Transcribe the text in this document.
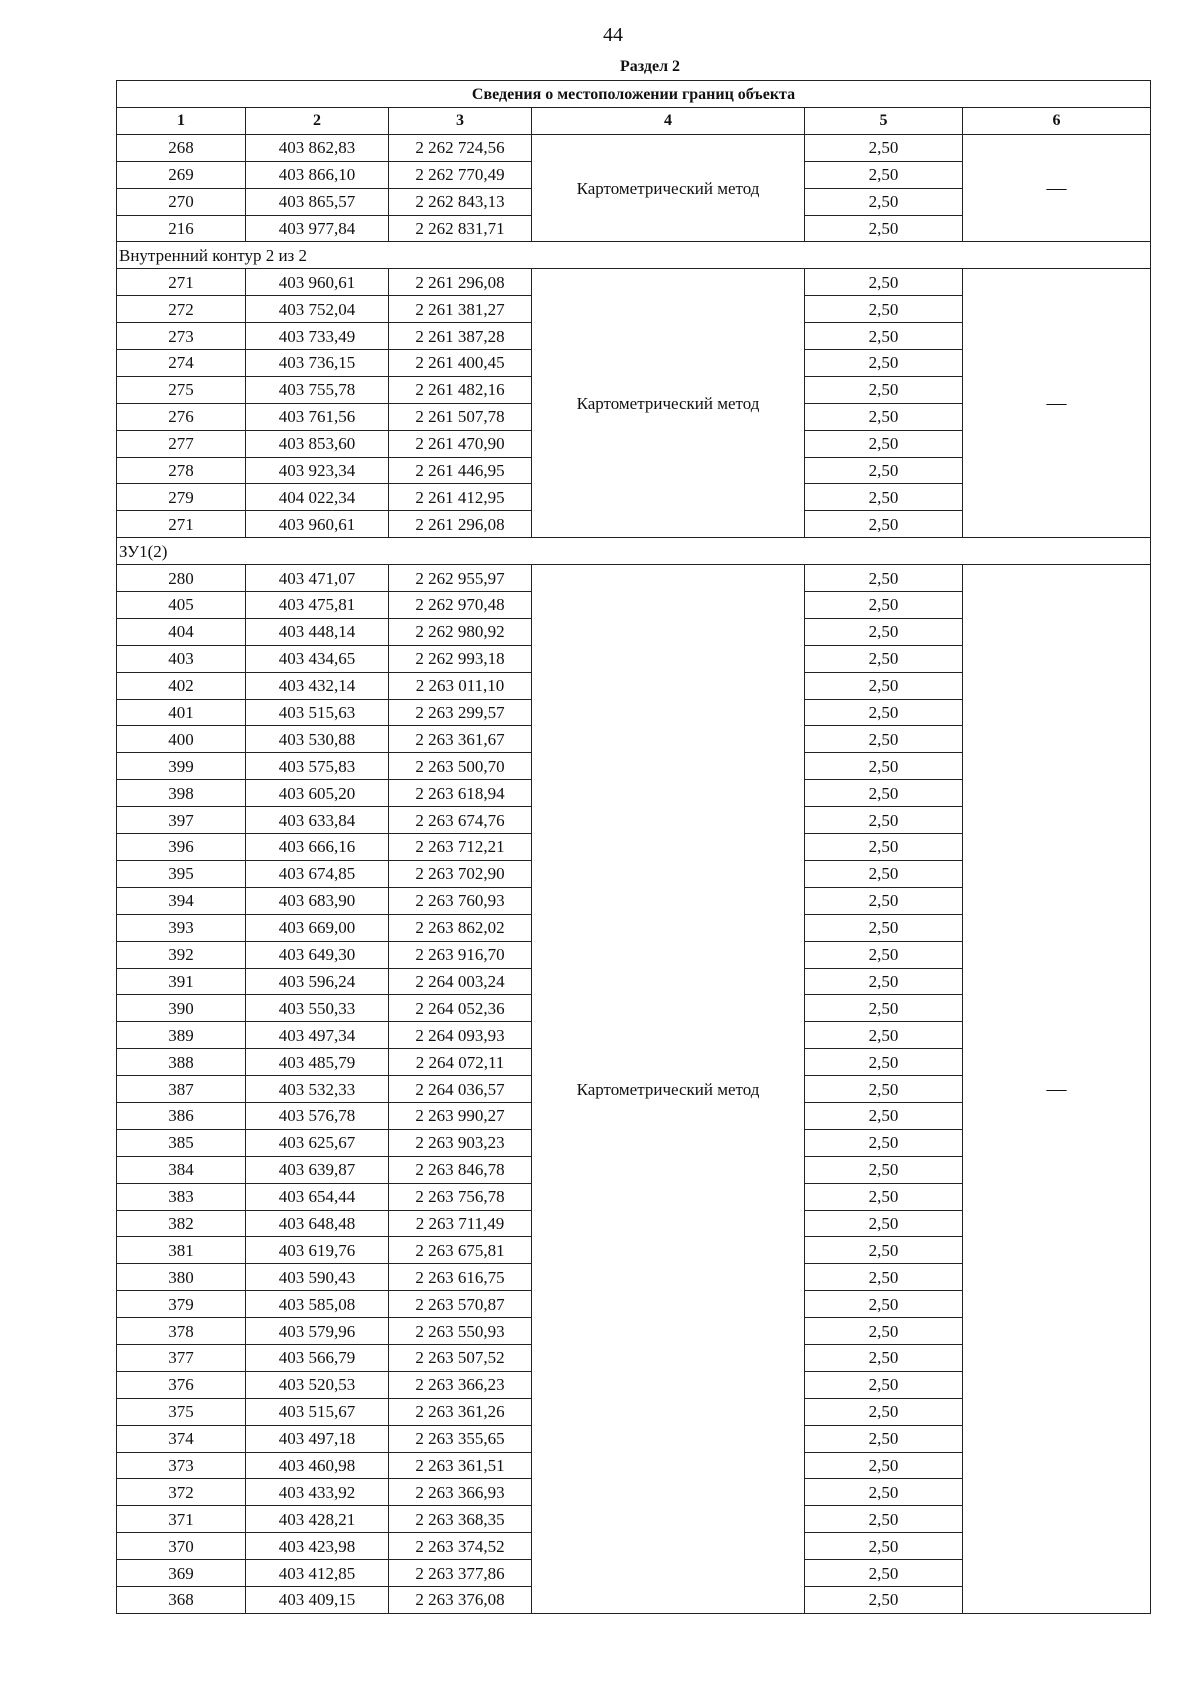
44
Раздел 2
Сведения о местоположении границ объекта					
1	2	3	4	5	6
268	403 862,83	2 262 724,56	Картометрический метод	2,50	—
269	403 866,10	2 262 770,49		2,50	
270	403 865,57	2 262 843,13		2,50	
216	403 977,84	2 262 831,71		2,50	
Внутренний контур 2 из 2					
271	403 960,61	2 261 296,08	Картометрический метод	2,50	—
272	403 752,04	2 261 381,27		2,50	
273	403 733,49	2 261 387,28		2,50	
274	403 736,15	2 261 400,45		2,50	
275	403 755,78	2 261 482,16		2,50	
276	403 761,56	2 261 507,78		2,50	
277	403 853,60	2 261 470,90		2,50	
278	403 923,34	2 261 446,95		2,50	
279	404 022,34	2 261 412,95		2,50	
271	403 960,61	2 261 296,08		2,50	
ЗУ1(2)					
280	403 471,07	2 262 955,97	Картометрический метод	2,50	—
405	403 475,81	2 262 970,48		2,50	
404	403 448,14	2 262 980,92		2,50	
403	403 434,65	2 262 993,18		2,50	
402	403 432,14	2 263 011,10		2,50	
401	403 515,63	2 263 299,57		2,50	
400	403 530,88	2 263 361,67		2,50	
399	403 575,83	2 263 500,70		2,50	
398	403 605,20	2 263 618,94		2,50	
397	403 633,84	2 263 674,76		2,50	
396	403 666,16	2 263 712,21		2,50	
395	403 674,85	2 263 702,90		2,50	
394	403 683,90	2 263 760,93		2,50	
393	403 669,00	2 263 862,02		2,50	
392	403 649,30	2 263 916,70		2,50	
391	403 596,24	2 264 003,24		2,50	
390	403 550,33	2 264 052,36		2,50	
389	403 497,34	2 264 093,93		2,50	
388	403 485,79	2 264 072,11		2,50	
387	403 532,33	2 264 036,57		2,50	
386	403 576,78	2 263 990,27		2,50	
385	403 625,67	2 263 903,23		2,50	
384	403 639,87	2 263 846,78		2,50	
383	403 654,44	2 263 756,78		2,50	
382	403 648,48	2 263 711,49		2,50	
381	403 619,76	2 263 675,81		2,50	
380	403 590,43	2 263 616,75		2,50	
379	403 585,08	2 263 570,87		2,50	
378	403 579,96	2 263 550,93		2,50	
377	403 566,79	2 263 507,52		2,50	
376	403 520,53	2 263 366,23		2,50	
375	403 515,67	2 263 361,26		2,50	
374	403 497,18	2 263 355,65		2,50	
373	403 460,98	2 263 361,51		2,50	
372	403 433,92	2 263 366,93		2,50	
371	403 428,21	2 263 368,35		2,50	
370	403 423,98	2 263 374,52		2,50	
369	403 412,85	2 263 377,86		2,50	
368	403 409,15	2 263 376,08		2,50	
